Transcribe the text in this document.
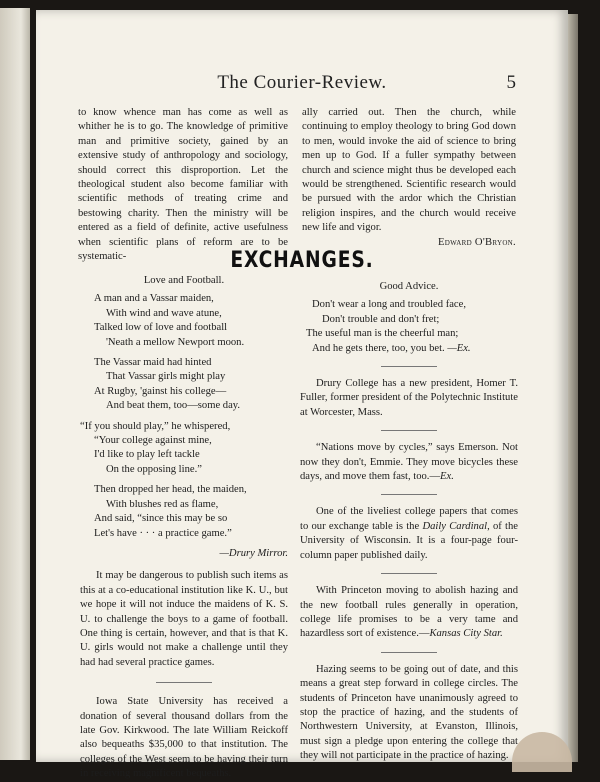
The Courier-Review.	5

to know whence man has come as well as whither he is to go. The knowledge of primitive man and primitive society, gained by an extensive study of anthropology and sociology, should correct this disproportion. Let the theological student also become familiar with scientific methods of treating crime and bestowing charity. Then the ministry will be entered as a field of definite, active usefulness when scientific plans of reform are to be systematic-

ally carried out. Then the church, while continuing to employ theology to bring God down to men, would invoke the aid of science to bring men up to God. If a fuller sympathy between church and science might thus be developed each would be strengthened. Scientific research would be pursued with the ardor which the Christian religion inspires, and the church would receive new life and vigor.

Edward O'Bryon.

EXCHANGES.
Love and Football.
A man and a Vassar maiden,
With wind and wave atune,
Talked low of love and football
'Neath a mellow Newport moon.
The Vassar maid had hinted
That Vassar girls might play
At Rugby, 'gainst his college—
And beat them, too—some day.
“If you should play,” he whispered,
“Your college against mine,
I'd like to play left tackle
On the opposing line.”
Then dropped her head, the maiden,
With blushes red as flame,
And said, “since this may be so
Let's have · · · a practice game.”
—Drury Mirror.

It may be dangerous to publish such items as this at a co-educational institution like K. U., but we hope it will not induce the maidens of K. S. U. to challenge the boys to a game of football. One thing is certain, however, and that is that K. U. girls would not make a challenge until they had had several practice games.

Iowa State University has received a donation of several thousand dollars from the late Gov. Kirkwood. The late William Reickoff also bequeaths $35,000 to that institution. The colleges of the West seem to be having their turn in receiving magnificent bequeaths.

Good Advice.
Don't wear a long and troubled face,
Don't trouble and don't fret;
The useful man is the cheerful man;
And he gets there, too, you bet. —Ex.

Drury College has a new president, Homer T. Fuller, former president of the Polytechnic Institute at Worcester, Mass.

“Nations move by cycles,” says Emerson. Not now they don't, Emmie. They move bicycles these days, and move them fast, too.—Ex.

One of the liveliest college papers that comes to our exchange table is the Daily Cardinal, of the University of Wisconsin. It is a four-page four-column paper published daily.

With Princeton moving to abolish hazing and the new football rules generally in operation, college life promises to be a very tame and hazardless sort of existence.—Kansas City Star.

Hazing seems to be going out of date, and this means a great step forward in college circles. The students of Princeton have unanimously agreed to stop the practice of hazing, and the students of Northwestern University, at Evanston, Illinois, must sign a pledge upon entering the college that they will not participate in the practice of hazing.
